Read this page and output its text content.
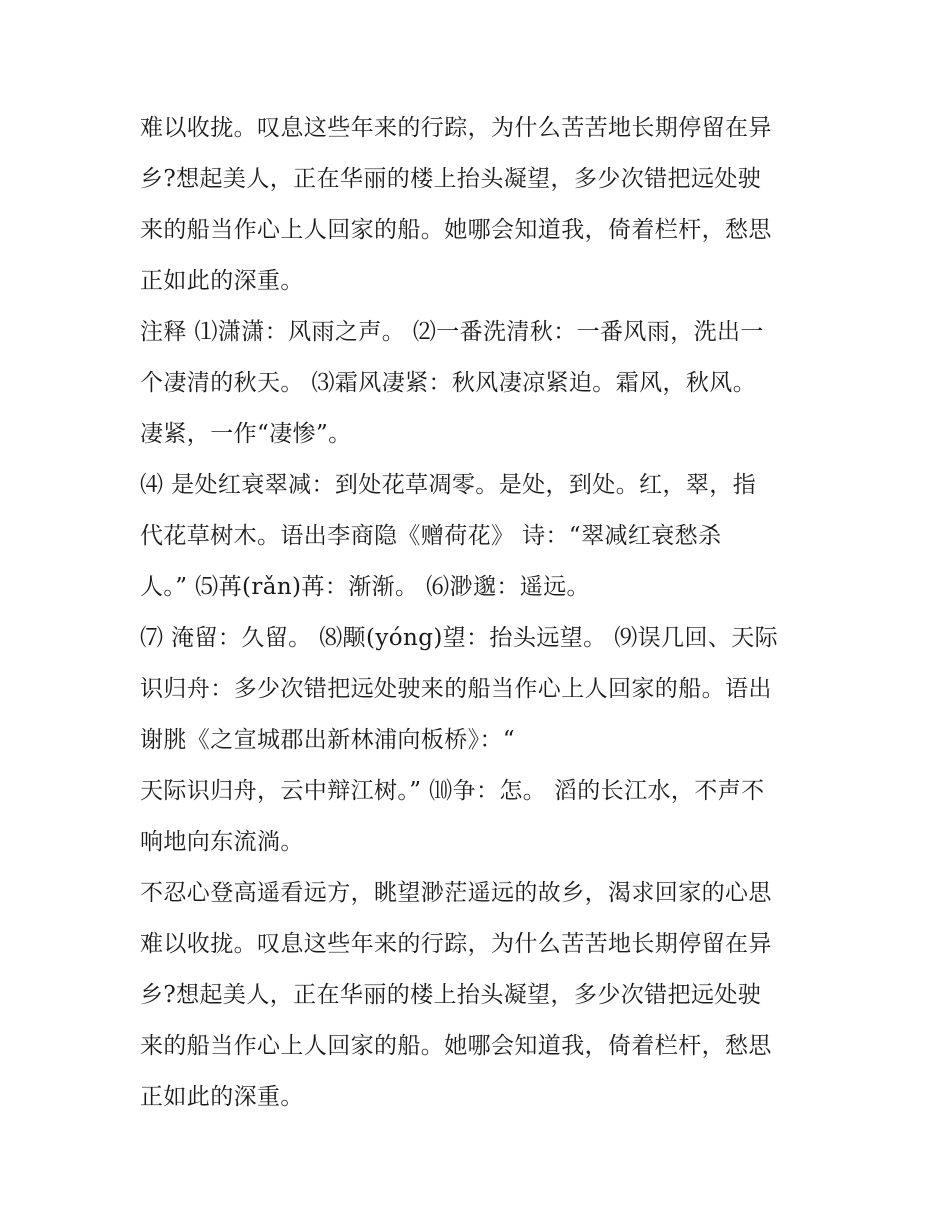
难以收拢。叹息这些年来的行踪，为什么苦苦地长期停留在异
乡?想起美人，正在华丽的楼上抬头凝望，多少次错把远处驶
来的船当作心上人回家的船。她哪会知道我，倚着栏杆，愁思
正如此的深重。
注释 ⑴潇潇：风雨之声。 ⑵一番洗清秋：一番风雨，洗出一
个凄清的秋天。 ⑶霜风凄紧：秋风凄凉紧迫。霜风，秋风。
凄紧，一作“凄惨”。
⑷ 是处红衰翠减：到处花草凋零。是处，到处。红，翠，指
代花草树木。语出李商隐《赠荷花》 诗：“翠减红衰愁杀
人。” ⑸苒(rǎn)苒：渐渐。 ⑹渺邈：遥远。
⑺ 淹留：久留。 ⑻颙(yóng)望：抬头远望。 ⑼误几回、天际
识归舟：多少次错把远处驶来的船当作心上人回家的船。语出
谢朓《之宣城郡出新林浦向板桥》：“
天际识归舟，云中辩江树。” ⑽争：怎。 滔的长江水，不声不
响地向东流淌。
不忍心登高遥看远方，眺望渺茫遥远的故乡，渴求回家的心思
难以收拢。叹息这些年来的行踪，为什么苦苦地长期停留在异
乡?想起美人，正在华丽的楼上抬头凝望，多少次错把远处驶
来的船当作心上人回家的船。她哪会知道我，倚着栏杆，愁思
正如此的深重。
